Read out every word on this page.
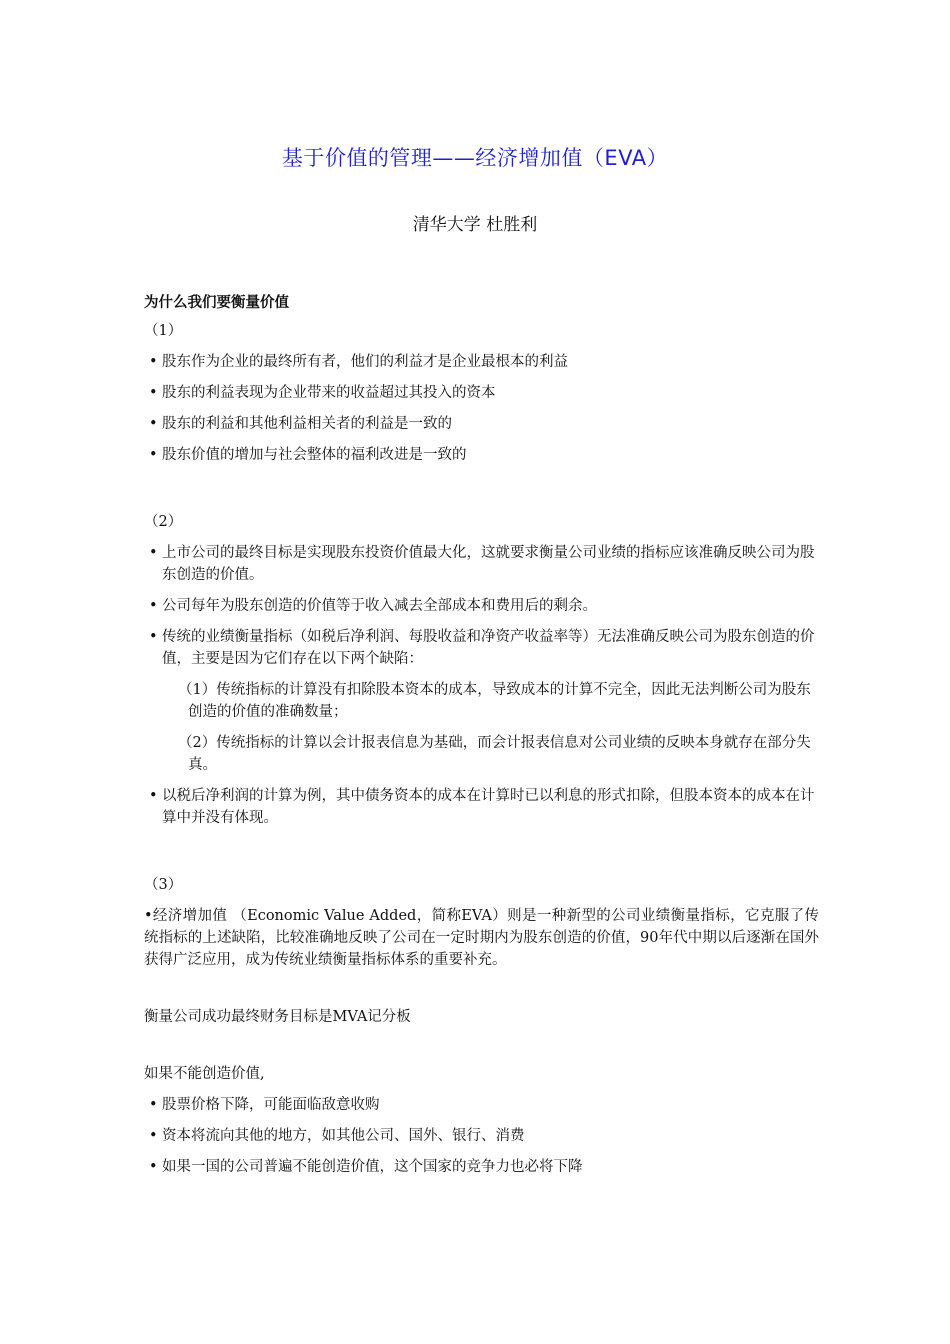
基于价值的管理——经济增加值（EVA）
清华大学 杜胜利
为什么我们要衡量价值
（1）
• 股东作为企业的最终所有者，他们的利益才是企业最根本的利益
• 股东的利益表现为企业带来的收益超过其投入的资本
• 股东的利益和其他利益相关者的利益是一致的
• 股东价值的增加与社会整体的福利改进是一致的
（2）
• 上市公司的最终目标是实现股东投资价值最大化，这就要求衡量公司业绩的指标应该准确反映公司为股东创造的价值。
• 公司每年为股东创造的价值等于收入减去全部成本和费用后的剩余。
• 传统的业绩衡量指标（如税后净利润、每股收益和净资产收益率等）无法准确反映公司为股东创造的价值，主要是因为它们存在以下两个缺陷：
（1）传统指标的计算没有扣除股本资本的成本，导致成本的计算不完全，因此无法判断公司为股东创造的价值的准确数量；
（2）传统指标的计算以会计报表信息为基础，而会计报表信息对公司业绩的反映本身就存在部分失真。
• 以税后净利润的计算为例，其中债务资本的成本在计算时已以利息的形式扣除，但股本资本的成本在计算中并没有体现。
（3）
•经济增加值 （Economic Value Added，简称EVA）则是一种新型的公司业绩衡量指标，它克服了传统指标的上述缺陷，比较准确地反映了公司在一定时期内为股东创造的价值，90年代中期以后逐渐在国外获得广泛应用，成为传统业绩衡量指标体系的重要补充。
衡量公司成功最终财务目标是MVA记分板
如果不能创造价值,
• 股票价格下降，可能面临敌意收购
• 资本将流向其他的地方，如其他公司、国外、银行、消费
• 如果一国的公司普遍不能创造价值，这个国家的竞争力也必将下降
